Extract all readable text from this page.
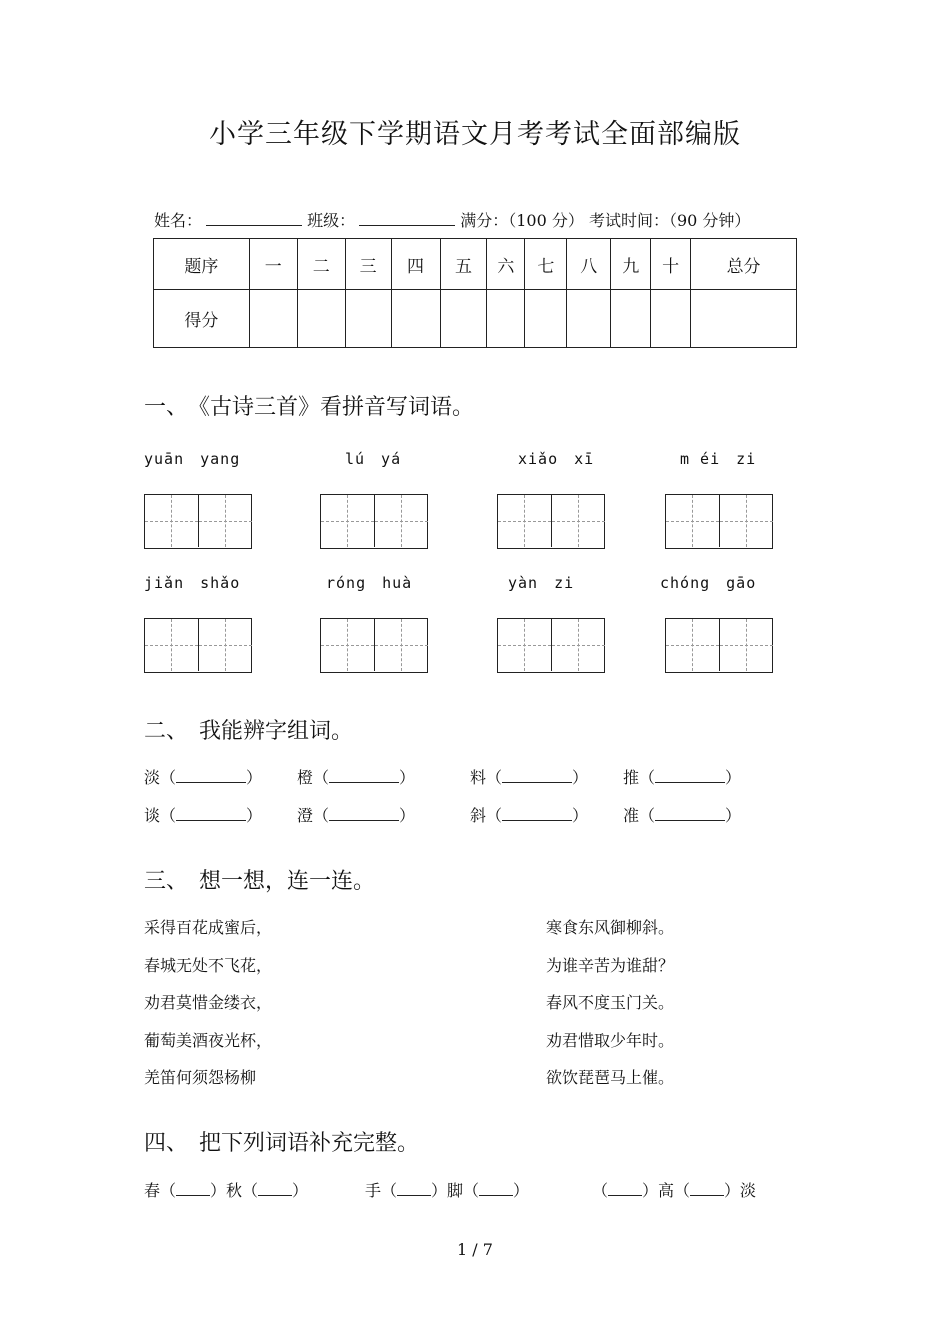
小学三年级下学期语文月考考试全面部编版
姓名：	班级：	满分：（100 分） 考试时间：（90 分钟）
题序	一	二	三	四	五	六	七	八	九	十	总分
得分											
一、　《古诗三首》看拼音写词语。
yuān　yang	lú　yá	xiǎo　xī	m éi　zi
jiǎn　shǎo	róng　huà	yàn　zi	chóng　gāo
二、　我能辨字组词。
淡（	） 橙（	）	料（	） 推（	）
谈（	） 澄（	）	斜（	） 准（	）
三、　想一想，连一连。
采得百花成蜜后，
春城无处不飞花，
劝君莫惜金缕衣，
葡萄美酒夜光杯，
羌笛何须怨杨柳
寒食东风御柳斜。
为谁辛苦为谁甜？
春风不度玉门关。
劝君惜取少年时。
欲饮琵琶马上催。
四、　把下列词语补充完整。
春（ ）秋（ ）	手（ ）脚（ ）	（ ）高（ ）淡
1 / 7
